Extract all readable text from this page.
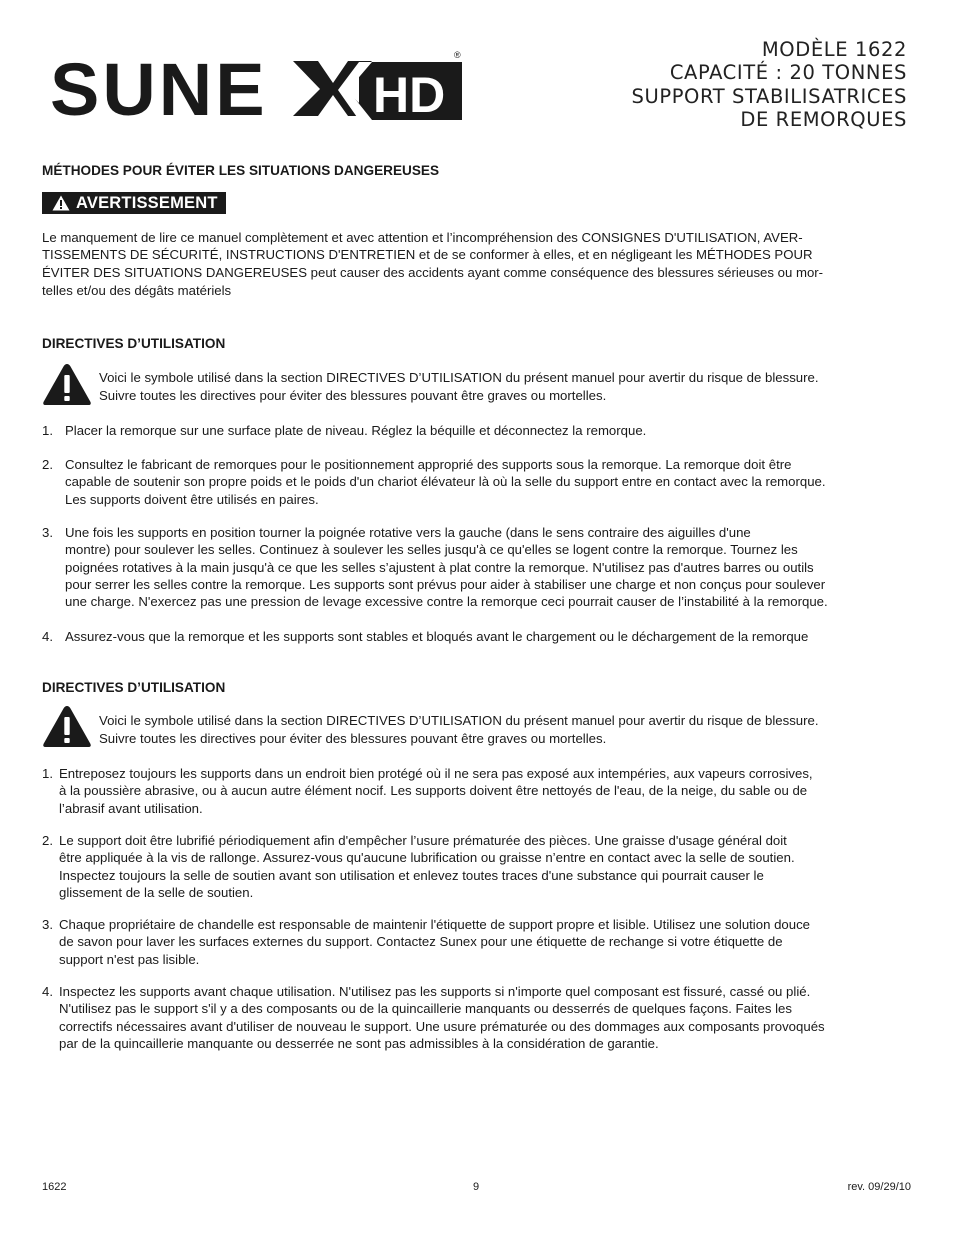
SUNE HD
®	MODÈLE 1622
CAPACITÉ : 20 TONNES
SUPPORT STABILISATRICES
DE REMORQUES
MÉTHODES POUR ÉVITER LES SITUATIONS DANGEREUSES
AVERTISSEMENT
Le manquement de lire ce manuel complètement et avec attention et l’incompréhension des CONSIGNES D'UTILISATION, AVER-
TISSEMENTS DE SÉCURITÉ, INSTRUCTIONS D'ENTRETIEN et de se conformer à elles, et en négligeant les MÉTHODES POUR
ÉVITER DES SITUATIONS DANGEREUSES peut causer des accidents ayant comme conséquence des blessures sérieuses ou mor-
telles et/ou des dégâts matériels
DIRECTIVES D’UTILISATION
Voici le symbole utilisé dans la section DIRECTIVES D’UTILISATION du présent manuel pour avertir du risque de blessure.
Suivre toutes les directives pour éviter des blessures pouvant être graves ou mortelles.
1. Placer la remorque sur une surface plate de niveau. Réglez la béquille et déconnectez la remorque.
2. Consultez le fabricant de remorques pour le positionnement approprié des supports sous la remorque. La remorque doit être
capable de soutenir son propre poids et le poids d'un chariot élévateur là où la selle du support entre en contact avec la remorque.
Les supports doivent être utilisés en paires.
3. Une fois les supports en position tourner la poignée rotative vers la gauche (dans le sens contraire des aiguilles d'une
montre) pour soulever les selles. Continuez à soulever les selles jusqu'à ce qu'elles se logent contre la remorque. Tournez les
poignées rotatives à la main jusqu'à ce que les selles s’ajustent à plat contre la remorque. N'utilisez pas d'autres barres ou outils
pour serrer les selles contre la remorque. Les supports sont prévus pour aider à stabiliser une charge et non conçus pour soulever
une charge. N'exercez pas une pression de levage excessive contre la remorque ceci pourrait causer de l’instabilité à la remorque.
4. Assurez-vous que la remorque et les supports sont stables et bloqués avant le chargement ou le déchargement de la remorque
DIRECTIVES D’UTILISATION
Voici le symbole utilisé dans la section DIRECTIVES D’UTILISATION du présent manuel pour avertir du risque de blessure.
Suivre toutes les directives pour éviter des blessures pouvant être graves ou mortelles.
1. Entreposez toujours les supports dans un endroit bien protégé où il ne sera pas exposé aux intempéries, aux vapeurs corrosives,
à la poussière abrasive, ou à aucun autre élément nocif. Les supports doivent être nettoyés de l'eau, de la neige, du sable ou de
l’abrasif avant utilisation.
2. Le support doit être lubrifié périodiquement afin d'empêcher l’usure prématurée des pièces. Une graisse d'usage général doit
être appliquée à la vis de rallonge. Assurez-vous qu'aucune lubrification ou graisse n’entre en contact avec la selle de soutien.
Inspectez toujours la selle de soutien avant son utilisation et enlevez toutes traces d'une substance qui pourrait causer le
glissement de la selle de soutien.
3. Chaque propriétaire de chandelle est responsable de maintenir l'étiquette de support propre et lisible. Utilisez une solution douce
de savon pour laver les surfaces externes du support. Contactez Sunex pour une étiquette de rechange si votre étiquette de
support n'est pas lisible.
4. Inspectez les supports avant chaque utilisation. N'utilisez pas les supports si n'importe quel composant est fissuré, cassé ou plié.
N'utilisez pas le support s'il y a des composants ou de la quincaillerie manquants ou desserrés de quelques façons. Faites les
correctifs nécessaires avant d'utiliser de nouveau le support. Une usure prématurée ou des dommages aux composants provoqués
par de la quincaillerie manquante ou desserrée ne sont pas admissibles à la considération de garantie.
1622	9	rev. 09/29/10
